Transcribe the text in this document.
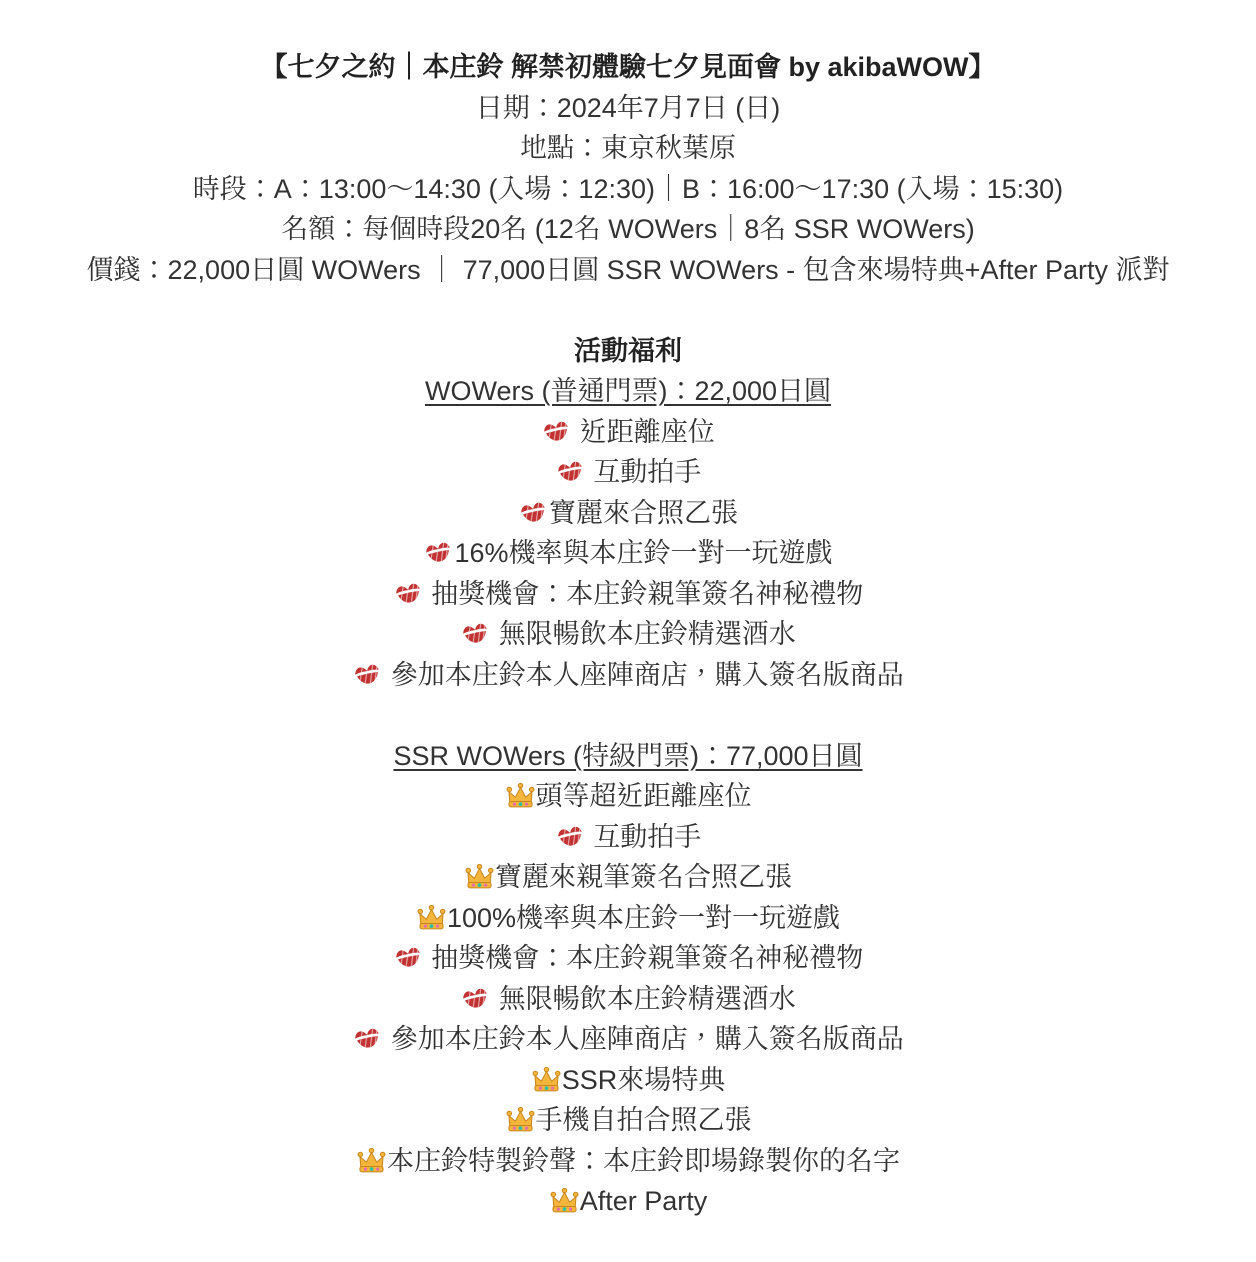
【七夕之約｜本庄鈴 解禁初體驗七夕見面會 by akibaWOW】
日期：2024年7月7日 (日)
地點：東京秋葉原
時段：A：13:00～14:30 (入場：12:30)｜B：16:00～17:30 (入場：15:30)
名額：每個時段20名 (12名 WOWers｜8名 SSR WOWers)
價錢：22,000日圓 WOWers ｜ 77,000日圓 SSR WOWers - 包含來場特典+After Party 派對
活動福利
WOWers (普通門票)：22,000日圓
近距離座位
互動拍手
寶麗來合照乙張
16%機率與本庄鈴一對一玩遊戲
抽獎機會：本庄鈴親筆簽名神秘禮物
無限暢飲本庄鈴精選酒水
參加本庄鈴本人座陣商店，購入簽名版商品
SSR WOWers (特級門票)：77,000日圓
頭等超近距離座位
互動拍手
寶麗來親筆簽名合照乙張
100%機率與本庄鈴一對一玩遊戲
抽獎機會：本庄鈴親筆簽名神秘禮物
無限暢飲本庄鈴精選酒水
參加本庄鈴本人座陣商店，購入簽名版商品
SSR來場特典
手機自拍合照乙張
本庄鈴特製鈴聲：本庄鈴即場錄製你的名字
After Party
